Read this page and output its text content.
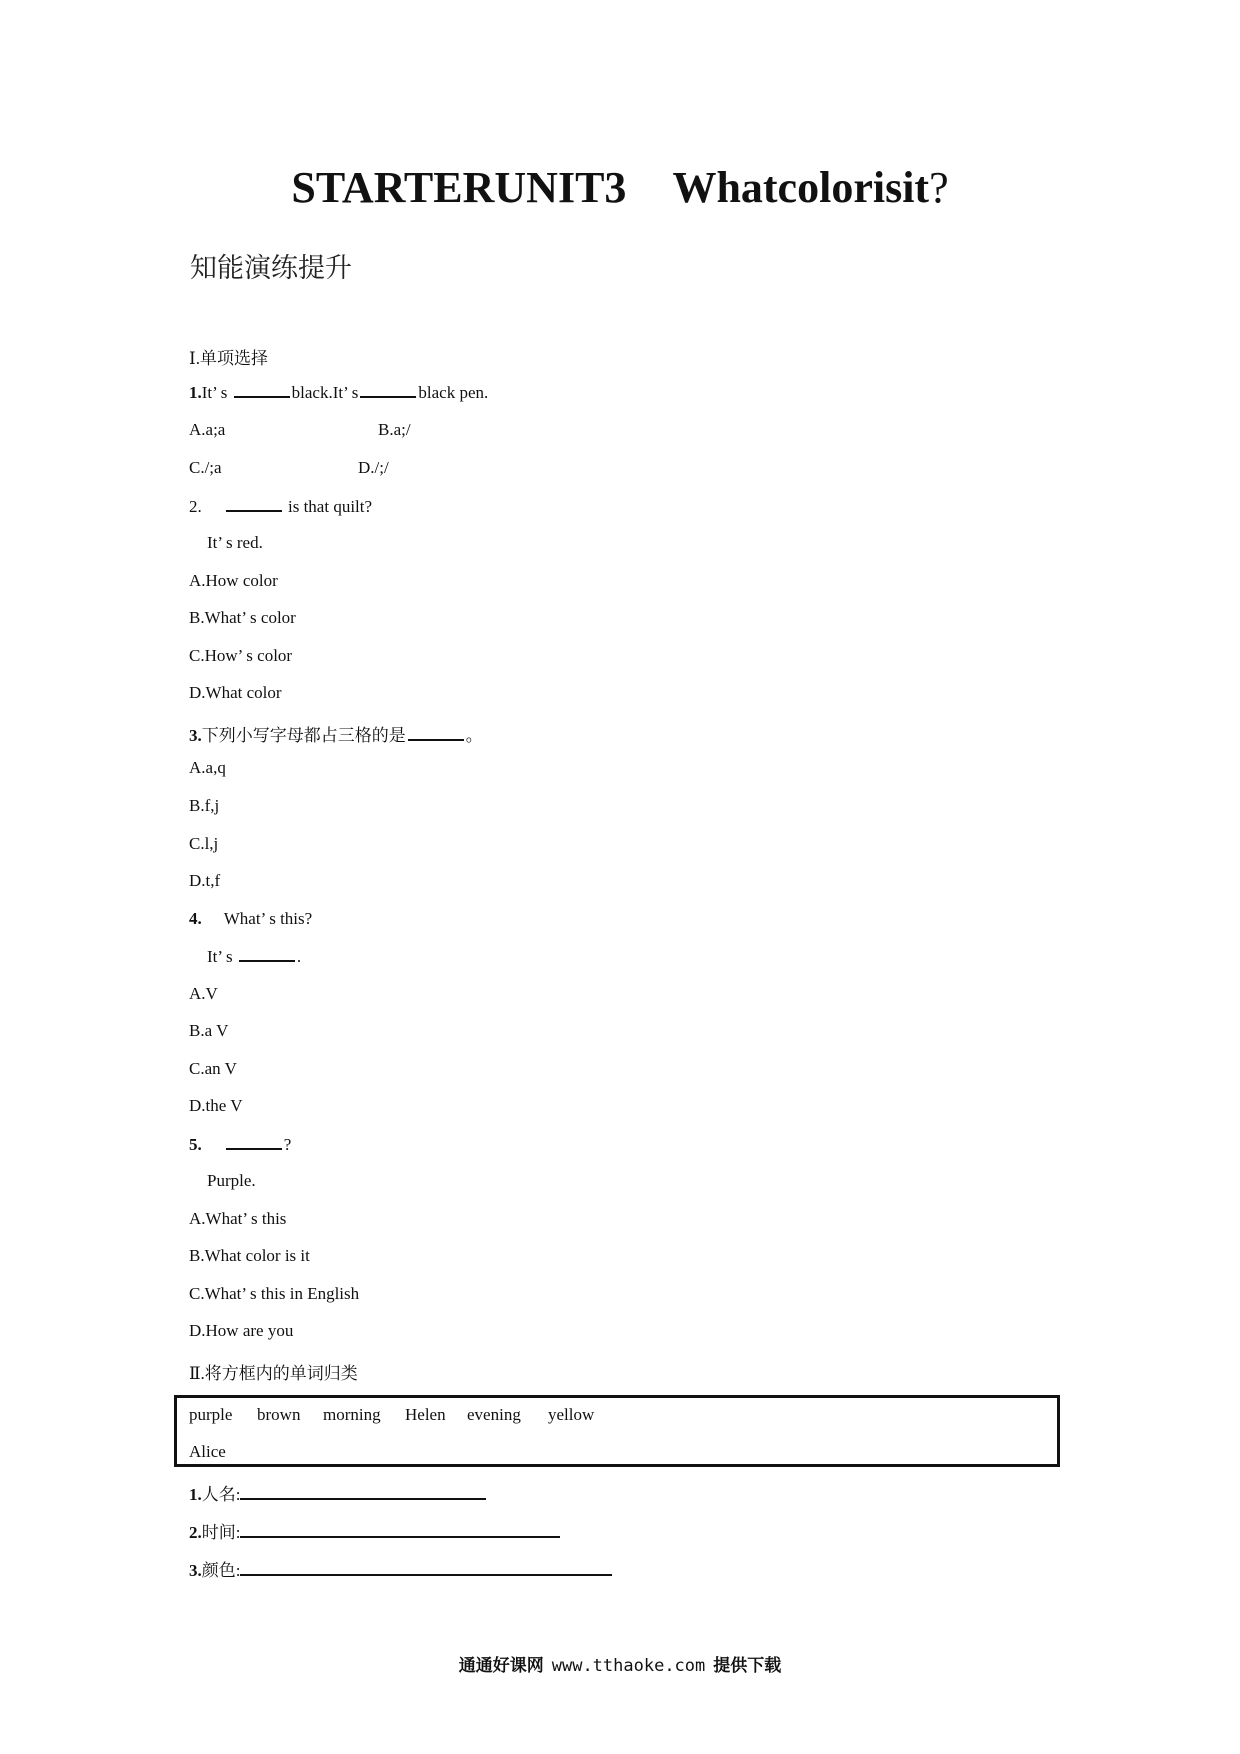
STARTERUNIT3 Whatcolorisit?
知能演练提升
Ⅰ.单项选择
1.It’ s	black.It’ s	black pen.
A.a;a	B.a;/
C./;a	D./;/
2.	is that quilt?
It’ s red.
A.How color
B.What’ s color
C.How’ s color
D.What color
3.下列小写字母都占三格的是	。
A.a,q
B.f,j
C.l,j
D.t,f
4. What’ s this?
It’ s	.
A.V
B.a V
C.an V
D.the V
5.	?
Purple.
A.What’ s this
B.What color is it
C.What’ s this in English
D.How are you
Ⅱ.将方框内的单词归类
purple brown morning Helen evening yellow
Alice
1.人名:
2.时间:
3.颜色:
通通好课网 www.tthaoke.com 提供下载
